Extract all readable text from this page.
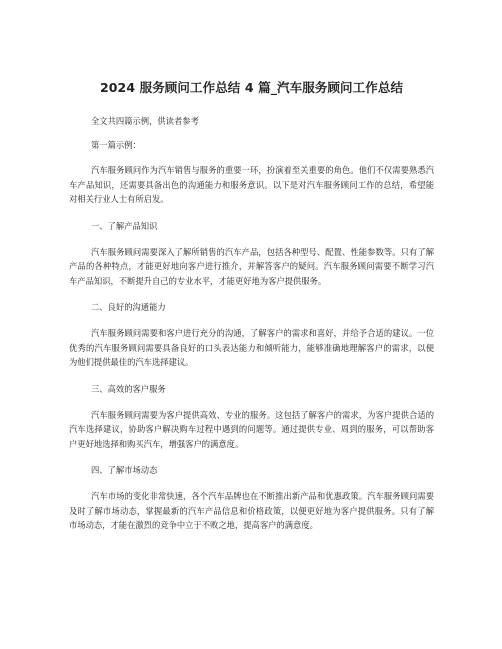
2024 服务顾问工作总结 4 篇_汽车服务顾问工作总结

全文共四篇示例，供读者参考

第一篇示例：

汽车服务顾问作为汽车销售与服务的重要一环，扮演着至关重要的角色。他们不仅需要熟悉汽车产品知识，还需要具备出色的沟通能力和服务意识。以下是对汽车服务顾问工作的总结，希望能对相关行业人士有所启发。

一、了解产品知识

汽车服务顾问需要深入了解所销售的汽车产品，包括各种型号、配置、性能参数等。只有了解产品的各种特点，才能更好地向客户进行推介，并解答客户的疑问。汽车服务顾问需要不断学习汽车产品知识，不断提升自己的专业水平，才能更好地为客户提供服务。

二、良好的沟通能力

汽车服务顾问需要和客户进行充分的沟通，了解客户的需求和喜好，并给予合适的建议。一位优秀的汽车服务顾问需要具备良好的口头表达能力和倾听能力，能够准确地理解客户的需求，以便为他们提供最佳的汽车选择建议。

三、高效的客户服务

汽车服务顾问需要为客户提供高效、专业的服务。这包括了解客户的需求，为客户提供合适的汽车选择建议，协助客户解决购车过程中遇到的问题等。通过提供专业、周到的服务，可以帮助客户更好地选择和购买汽车，增强客户的满意度。

四、了解市场动态

汽车市场的变化非常快速，各个汽车品牌也在不断推出新产品和优惠政策。汽车服务顾问需要及时了解市场动态，掌握最新的汽车产品信息和价格政策，以便更好地为客户提供服务。只有了解市场动态，才能在激烈的竞争中立于不败之地，提高客户的满意度。
